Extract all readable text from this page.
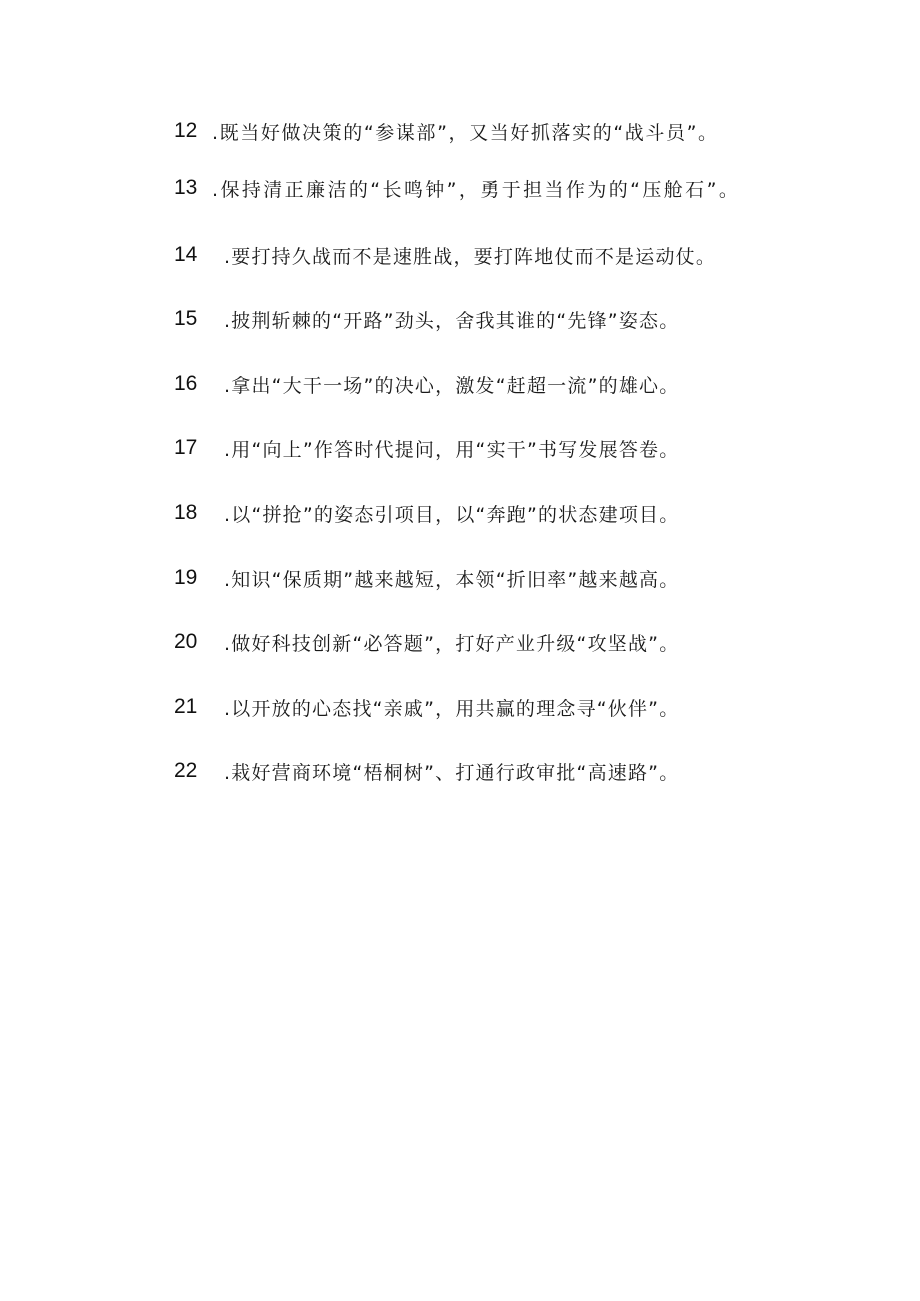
12 .既当好做决策的“参谋部”，又当好抓落实的“战斗员”。
13 .保持清正廉洁的“长鸣钟”，勇于担当作为的“压舱石”。
14	.要打持久战而不是速胜战，要打阵地仗而不是运动仗。
15	.披荆斩棘的“开路”劲头，舍我其谁的“先锋”姿态。
16	.拿出“大干一场”的决心，激发“赶超一流”的雄心。
17	.用“向上”作答时代提问，用“实干”书写发展答卷。
18	.以“拼抢”的姿态引项目，以“奔跑”的状态建项目。
19	.知识“保质期”越来越短，本领“折旧率”越来越高。
20	.做好科技创新“必答题”，打好产业升级“攻坚战”。
21	.以开放的心态找“亲戚”，用共赢的理念寻“伙伴”。
22	.栽好营商环境“梧桐树”、打通行政审批“高速路”。
